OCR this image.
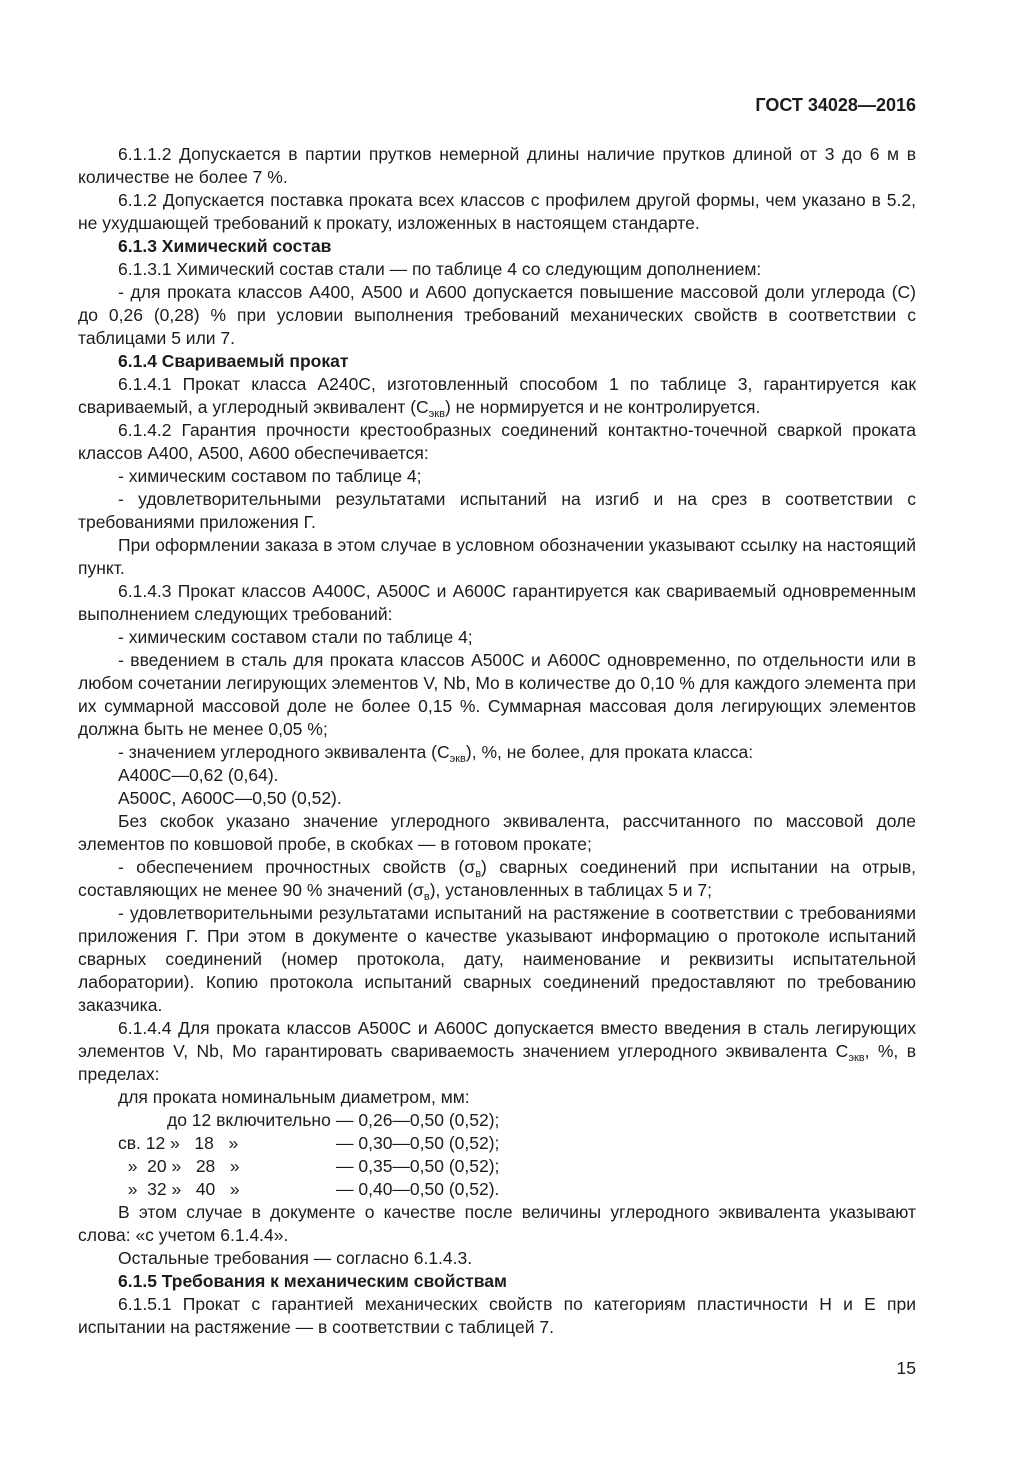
ГОСТ 34028—2016

6.1.1.2 Допускается в партии прутков немерной длины наличие прутков длиной от 3 до 6 м в количестве не более 7 %.

6.1.2 Допускается поставка проката всех классов с профилем другой формы, чем указано в 5.2, не ухудшающей требований к прокату, изложенных в настоящем стандарте.

6.1.3 Химический состав

6.1.3.1 Химический состав стали — по таблице 4 со следующим дополнением:

- для проката классов А400, А500 и А600 допускается повышение массовой доли углерода (С) до 0,26 (0,28) % при условии выполнения требований механических свойств в соответствии с таблицами 5 или 7.

6.1.4 Свариваемый прокат

6.1.4.1 Прокат класса А240С, изготовленный способом 1 по таблице 3, гарантируется как свариваемый, а углеродный эквивалент $(С_{экв})$ не нормируется и не контролируется.

6.1.4.2 Гарантия прочности крестообразных соединений контактно-точечной сваркой проката классов А400, А500, А600 обеспечивается:

- химическим составом по таблице 4;

- удовлетворительными результатами испытаний на изгиб и на срез в соответствии с требованиями приложения Г.

При оформлении заказа в этом случае в условном обозначении указывают ссылку на настоящий пункт.

6.1.4.3 Прокат классов А400С, А500С и А600С гарантируется как свариваемый одновременным выполнением следующих требований:

- химическим составом стали по таблице 4;

- введением в сталь для проката классов А500С и А600С одновременно, по отдельности или в любом сочетании легирующих элементов V, Nb, Mo в количестве до 0,10 % для каждого элемента при их суммарной массовой доле не более 0,15 %. Суммарная массовая доля легирующих элементов должна быть не менее 0,05 %;

- значением углеродного эквивалента $(С_{экв})$, %, не более, для проката класса:

А400С—0,62 (0,64).

А500С, А600С—0,50 (0,52).

Без скобок указано значение углеродного эквивалента, рассчитанного по массовой доле элементов по ковшовой пробе, в скобках — в готовом прокате;

- обеспечением прочностных свойств $(\sigma_в)$ сварных соединений при испытании на отрыв, составляющих не менее 90 % значений $(\sigma_в)$, установленных в таблицах 5 и 7;

- удовлетворительными результатами испытаний на растяжение в соответствии с требованиями приложения Г. При этом в документе о качестве указывают информацию о протоколе испытаний сварных соединений (номер протокола, дату, наименование и реквизиты испытательной лаборатории). Копию протокола испытаний сварных соединений предоставляют по требованию заказчика.

6.1.4.4 Для проката классов А500С и А600С допускается вместо введения в сталь легирующих элементов V, Nb, Mo гарантировать свариваемость значением углеродного эквивалента $С_{экв}$, %, в пределах:

для проката номинальным диаметром, мм:

до 12 включительно — 0,26—0,50 (0,52);
св. 12 »   18   »	— 0,30—0,50 (0,52);
»  20 »   28   »	— 0,35—0,50 (0,52);
»  32 »   40   »	— 0,40—0,50 (0,52).

В этом случае в документе о качестве после величины углеродного эквивалента указывают слова: «с учетом 6.1.4.4».

Остальные требования — согласно 6.1.4.3.

6.1.5 Требования к механическим свойствам

6.1.5.1 Прокат с гарантией механических свойств по категориям пластичности Н и Е при испытании на растяжение — в соответствии с таблицей 7.

15
